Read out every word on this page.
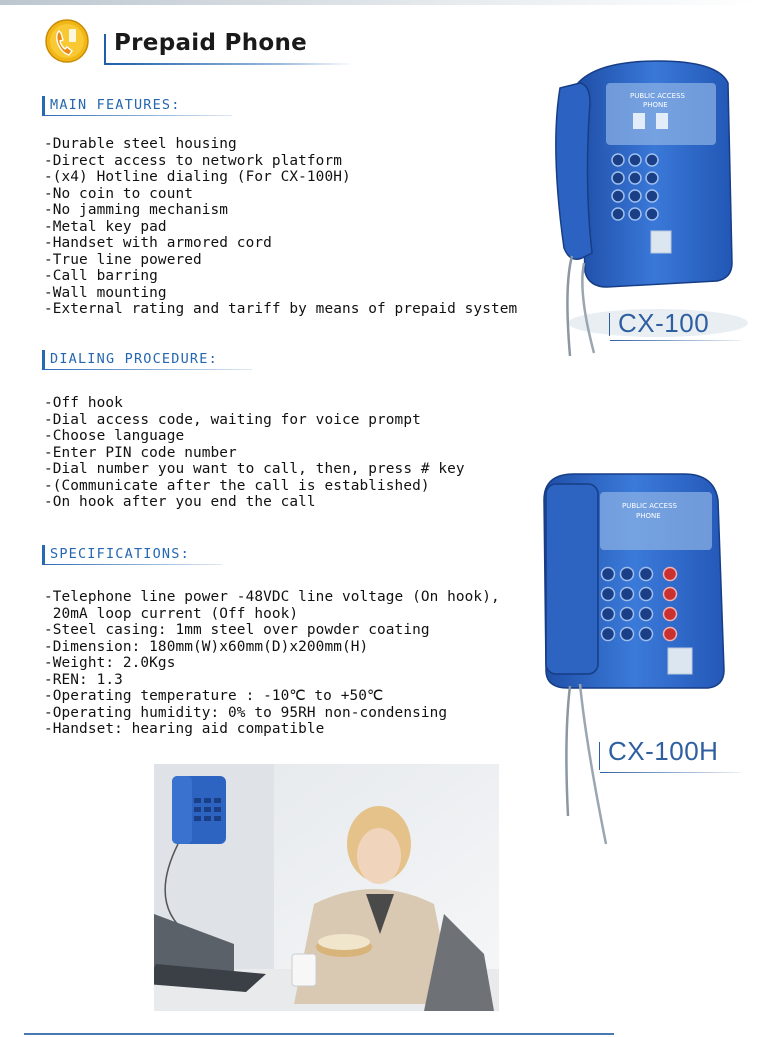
Prepaid Phone
MAIN FEATURES:
-Durable steel housing
-Direct access to network platform
-(x4) Hotline dialing (For CX-100H)
-No coin to count
-No jamming mechanism
-Metal key pad
-Handset with armored cord
-True line powered
-Call barring
-Wall mounting
-External rating and tariff by means of prepaid system
DIALING PROCEDURE:
-Off hook
-Dial access code, waiting for voice prompt
-Choose language
-Enter PIN code number
-Dial number you want to call, then, press # key
-(Communicate after the call is established)
-On hook after you end the call
SPECIFICATIONS:
-Telephone line power -48VDC line voltage (On hook),
20mA loop current (Off hook)
-Steel casing: 1mm steel over powder coating
-Dimension: 180mm(W)x60mm(D)x200mm(H)
-Weight: 2.0Kgs
-REN: 1.3
-Operating temperature : -10℃ to +50℃
-Operating humidity: 0% to 95RH non-condensing
-Handset: hearing aid compatible
PUBLIC ACCESS
PHONE
CX-100
PUBLIC ACCESS
PHONE
CX-100H
